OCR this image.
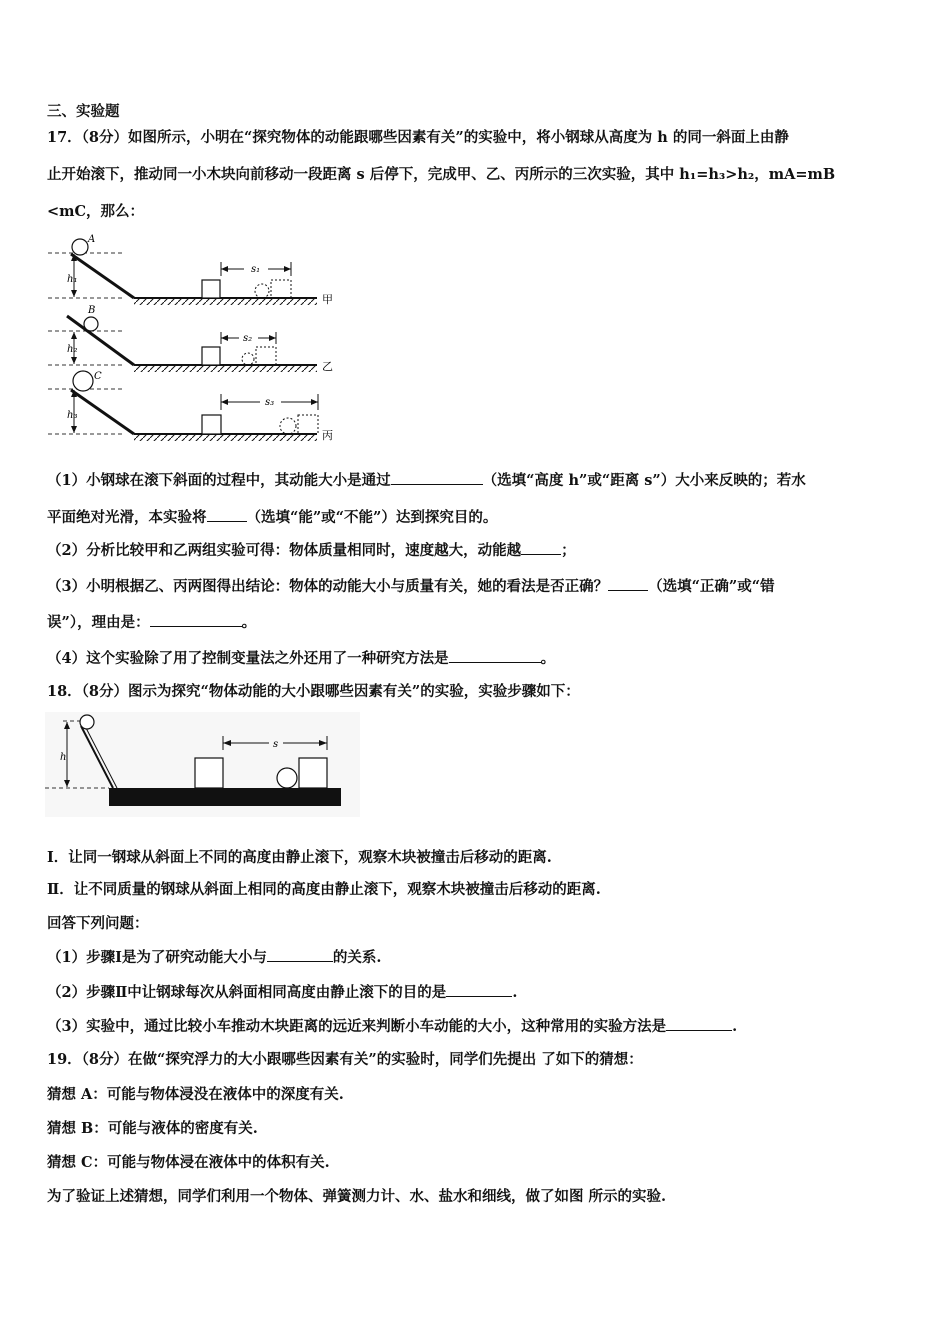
三、实验题
17．（8分）如图所示，小明在“探究物体的动能跟哪些因素有关”的实验中，将小钢球从高度为 h 的同一斜面上由静
止开始滚下，推动同一小木块向前移动一段距离 s 后停下，完成甲、乙、丙所示的三次实验，其中 h₁=h₃>h₂，mA=mB
<mC，那么：
h₁
A
s₁
甲
h₂
B
s₂
乙
h₃
C
s₃
丙
（1）小钢球在滚下斜面的过程中，其动能大小是通过	（选填“高度 h”或“距离 s”）大小来反映的；若水
平面绝对光滑，本实验将	（选填“能”或“不能”）达到探究目的。
（2）分析比较甲和乙两组实验可得：物体质量相同时，速度越大，动能越	；
（3）小明根据乙、丙两图得出结论：物体的动能大小与质量有关，她的看法是否正确？	（选填“正确”或“错
误”），理由是：	。
（4）这个实验除了用了控制变量法之外还用了一种研究方法是	。
18．（8分）图示为探究“物体动能的大小跟哪些因素有关”的实验，实验步骤如下：
h
s
Ⅰ．让同一钢球从斜面上不同的高度由静止滚下，观察木块被撞击后移动的距离.
Ⅱ．让不同质量的钢球从斜面上相同的高度由静止滚下，观察木块被撞击后移动的距离.
回答下列问题：
（1）步骤Ⅰ是为了研究动能大小与	的关系.
（2）步骤Ⅱ中让钢球每次从斜面相同高度由静止滚下的目的是	.
（3）实验中，通过比较小车推动木块距离的远近来判断小车动能的大小，这种常用的实验方法是	.
19．（8分）在做“探究浮力的大小跟哪些因素有关”的实验时，同学们先提出 了如下的猜想：
猜想 A：可能与物体浸没在液体中的深度有关.
猜想 B：可能与液体的密度有关.
猜想 C：可能与物体浸在液体中的体积有关.
为了验证上述猜想，同学们利用一个物体、弹簧测力计、水、盐水和细线，做了如图 所示的实验.
